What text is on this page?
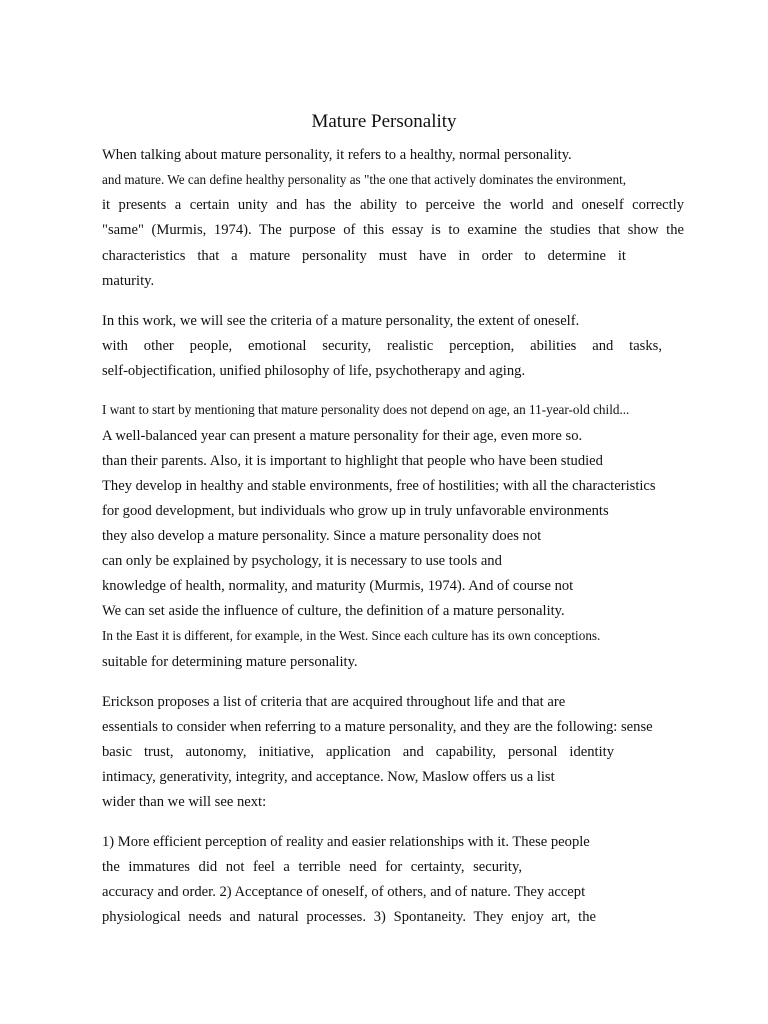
Mature Personality
When talking about mature personality, it refers to a healthy, normal personality.
and mature. We can define healthy personality as "the one that actively dominates the environment,
it presents a certain unity and has the ability to perceive the world and oneself correctly
"same" (Murmis, 1974). The purpose of this essay is to examine the studies that show the
characteristics that a mature personality must have in order to determine it
maturity.
In this work, we will see the criteria of a mature personality, the extent of oneself.
with other people, emotional security, realistic perception, abilities and tasks,
self-objectification, unified philosophy of life, psychotherapy and aging.
I want to start by mentioning that mature personality does not depend on age, an 11-year-old child...
A well-balanced year can present a mature personality for their age, even more so.
than their parents. Also, it is important to highlight that people who have been studied
They develop in healthy and stable environments, free of hostilities; with all the characteristics
for good development, but individuals who grow up in truly unfavorable environments
they also develop a mature personality. Since a mature personality does not
can only be explained by psychology, it is necessary to use tools and
knowledge of health, normality, and maturity (Murmis, 1974). And of course not
We can set aside the influence of culture, the definition of a mature personality.
In the East it is different, for example, in the West. Since each culture has its own conceptions.
suitable for determining mature personality.
Erickson proposes a list of criteria that are acquired throughout life and that are
essentials to consider when referring to a mature personality, and they are the following: sense
basic trust, autonomy, initiative, application and capability, personal identity
intimacy, generativity, integrity, and acceptance. Now, Maslow offers us a list
wider than we will see next:
1) More efficient perception of reality and easier relationships with it. These people
the immatures did not feel a terrible need for certainty, security,
accuracy and order. 2) Acceptance of oneself, of others, and of nature. They accept
physiological needs and natural processes. 3) Spontaneity. They enjoy art, the
